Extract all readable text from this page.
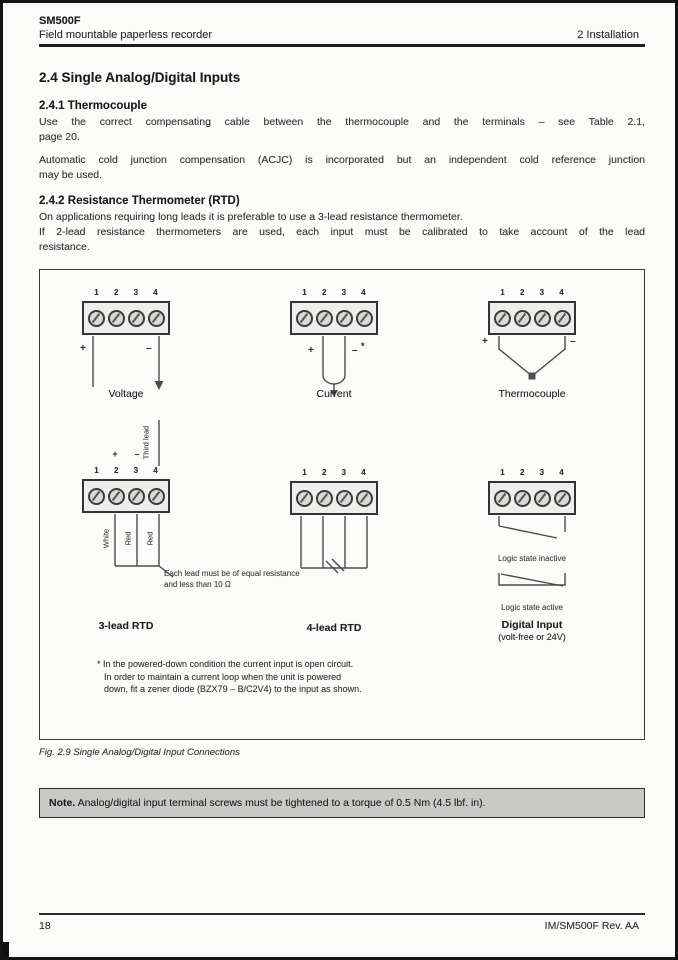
SM500F
Field mountable paperless recorder	2 Installation
2.4 Single Analog/Digital Inputs
2.4.1 Thermocouple
Use the correct compensating cable between the thermocouple and the terminals – see Table 2.1,
page 20.
Automatic cold junction compensation (ACJC) is incorporated but an independent cold reference junction
may be used.
2.4.2 Resistance Thermometer (RTD)
On applications requiring long leads it is preferable to use a 3-lead resistance thermometer.
If 2-lead resistance thermometers are used, each input must be calibrated to take account of the lead
resistance.
1 2 3 4
+	–
Voltage
1 2 3 4
+	– *
Current
1 2 3 4
+	–
Thermocouple
Third lead
+	–
1 2 3 4
White Red Red
3-lead RTD
1 2 3 4
4-lead RTD
1 2 3 4
Logic state inactive
Logic state active
Digital Input
(volt-free or 24V)
Each lead must be of equal resistance and less than 10 Ω
* In the powered-down condition the current input is open circuit. In order to maintain a current loop when the unit is powered down, fit a zener diode (BZX79 – B/C2V4) to the input as shown.
Fig. 2.9 Single Analog/Digital Input Connections
Note. Analog/digital input terminal screws must be tightened to a torque of 0.5 Nm (4.5 lbf. in).
18	IM/SM500F Rev. AA
